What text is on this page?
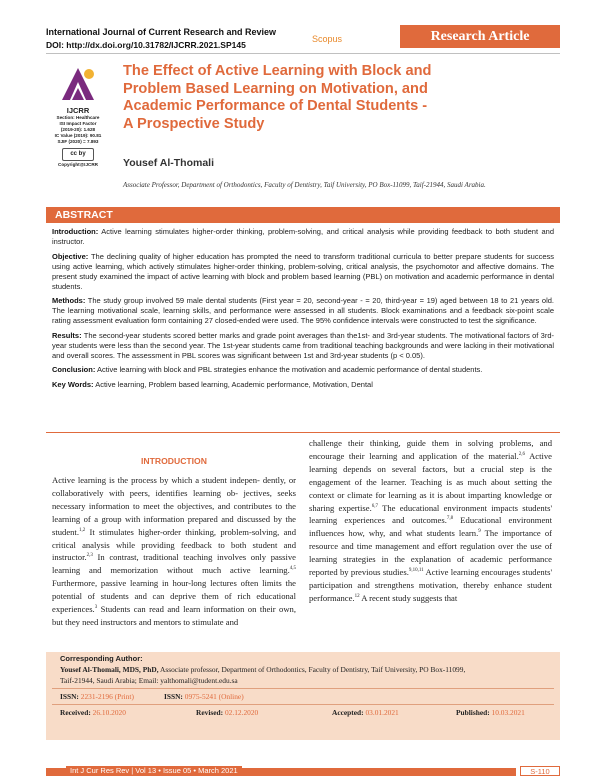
International Journal of Current Research and Review
DOI: http://dx.doi.org/10.31782/IJCRR.2021.SP145
Scopus	Research Article
IJCRR
Section: Healthcare
ISI Impact Factor
(2019-20): 1.628
IC Value (2019): 90.81
SJIF (2020) = 7.893
cc by
Copyright@IJCRR
The Effect of Active Learning with Block and
Problem Based Learning on Motivation, and
Academic Performance of Dental Students -
A Prospective Study
Yousef Al-Thomali
Associate Professor, Department of Orthodontics, Faculty of Dentistry, Taif University, PO Box-11099, Taif-21944, Saudi Arabia.
ABSTRACT

Introduction: Active learning stimulates higher-order thinking, problem-solving, and critical analysis while providing feedback to both student and instructor.

Objective: The declining quality of higher education has prompted the need to transform traditional curricula to better prepare students for success using active learning, which actively stimulates higher-order thinking, problem-solving, critical analysis, the psychomotor and affective domains. The present study examined the impact of active learning with block and problem based learning (PBL) on motivation and academic performance in dental students.

Methods: The study group involved 59 male dental students (First year = 20, second-year - = 20, third-year = 19) aged between 18 to 21 years old. The learning motivational scale, learning skills, and performance were assessed in all students. Block examinations and a feedback six-point scale rating assessment evaluation form containing 27 closed-ended were used. The 95% confidence intervals were constructed to test the significance.

Results: The second-year students scored better marks and grade point averages than the1st- and 3rd-year students. The motivational factors of 3rd-year students were less than the second year. The 1st-year students came from traditional teaching backgrounds and were lacking in their motivational and overall scores. The assessment in PBL scores was significant between 1st and 3rd-year students (p < 0.05).

Conclusion: Active learning with block and PBL strategies enhance the motivation and academic performance of dental students.

Key Words: Active learning, Problem based learning, Academic performance, Motivation, Dental

INTRODUCTION
Active learning is the process by which a student indepen- dently, or collaboratively with peers, identifies learning ob- jectives, seeks necessary information to meet the objectives, and contributes to the learning of a group with information prepared and discussed by the student.$^{1,2}$ It stimulates higher-order thinking, problem-solving, and critical analysis while providing feedback to both student and instructor.$^{2,3}$ In contrast, traditional teaching involves only passive learning and memorization without much active learning.$^{4,5}$ Furthermore, passive learning in hour-long lectures often limits the potential of students and can deprive them of rich educational experiences.$^3$ Students can read and learn information on their own, but they need instructors and mentors to stimulate and
challenge their thinking, guide them in solving problems, and encourage their learning and application of the material.$^{2,6}$ Active learning depends on several factors, but a crucial step is the engagement of the learner. Teaching is as much about setting the context or climate for learning as it is about imparting knowledge or sharing expertise.$^{6,7}$ The educational environment impacts students' learning experiences and outcomes.$^{7,8}$ Educational environment influences how, why, and what students learn.$^9$ The importance of resource and time management and effort regulation over the use of learning strategies in the explanation of academic performance reported by previous studies.$^{9,10,11}$ Active learning encourages students' participation and strengthens motivation, thereby enhance student performance.$^{12}$ A recent study suggests that
Corresponding Author:
Yousef Al-Thomali, MDS, PhD, Associate professor, Department of Orthodontics, Faculty of Dentistry, Taif University, PO Box-11099,
Taif-21944, Saudi Arabia; Email: yalthomali@tudent.edu.sa
ISSN: 2231-2196 (Print)	ISSN: 0975-5241 (Online)
Received: 26.10.2020	Revised: 02.12.2020	Accepted: 03.01.2021	Published: 10.03.2021
Int J Cur Res Rev | Vol 13 • Issue 05 • March 2021	S-110
